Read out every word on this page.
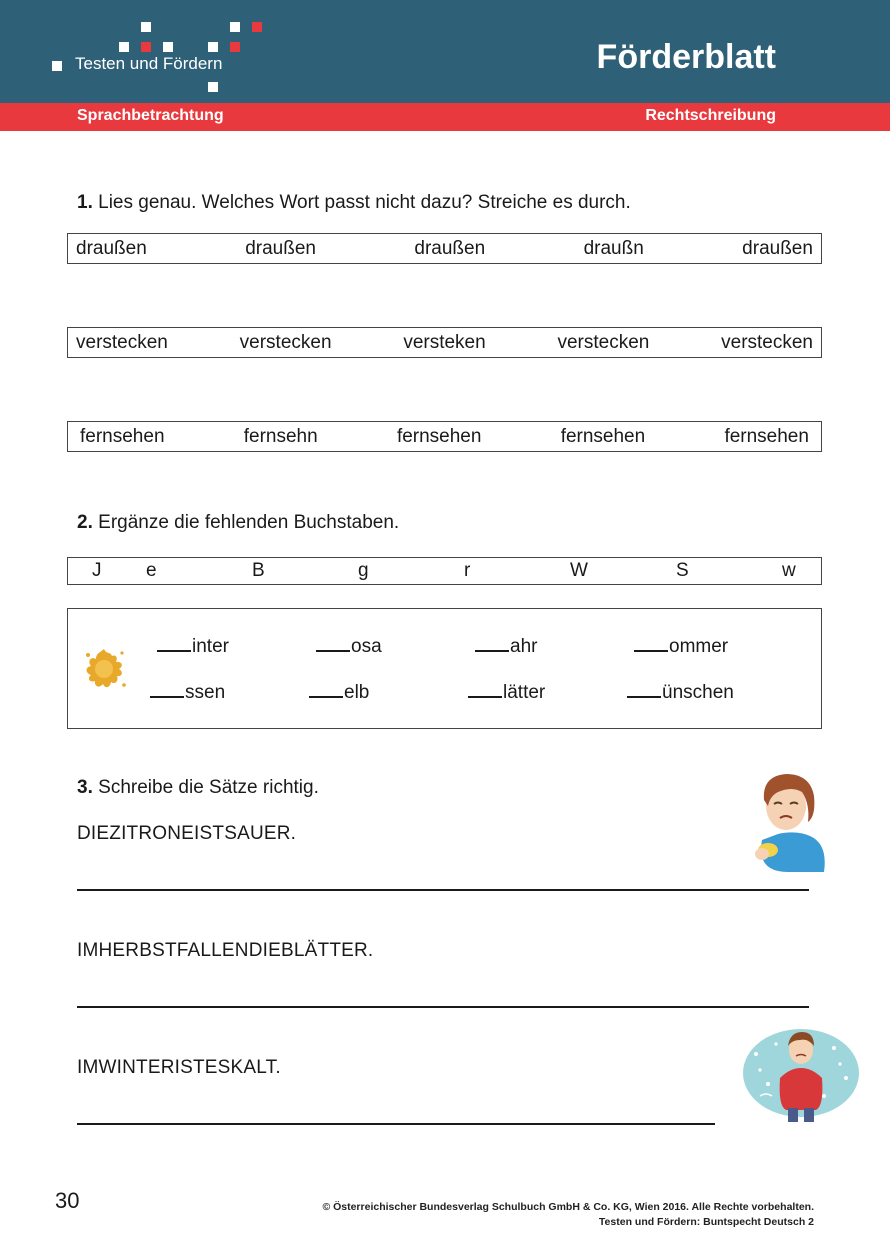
Testen und Fördern	Förderblatt
Sprachbetrachtung	Rechtschreibung
1. Lies genau. Welches Wort passt nicht dazu? Streiche es durch.
draußen	draußen	draußen	draußn	draußen
verstecken	verstecken	versteken	verstecken	verstecken
fernsehen	fernsehn	fernsehen	fernsehen	fernsehen
2. Ergänze die fehlenden Buchstaben.
J e	B	g	r	W	S	w
inter	osa	ahr	ommer
ssen	elb	lätter	ünschen
3. Schreibe die Sätze richtig.
DIEZITRONEISTSAUER.
IMHERBSTFALLENDIEBLÄTTER.
IMWINTERISTESKALT.
30	© Österreichischer Bundesverlag Schulbuch GmbH & Co. KG, Wien 2016. Alle Rechte vorbehalten.
Testen und Fördern: Buntspecht Deutsch 2
